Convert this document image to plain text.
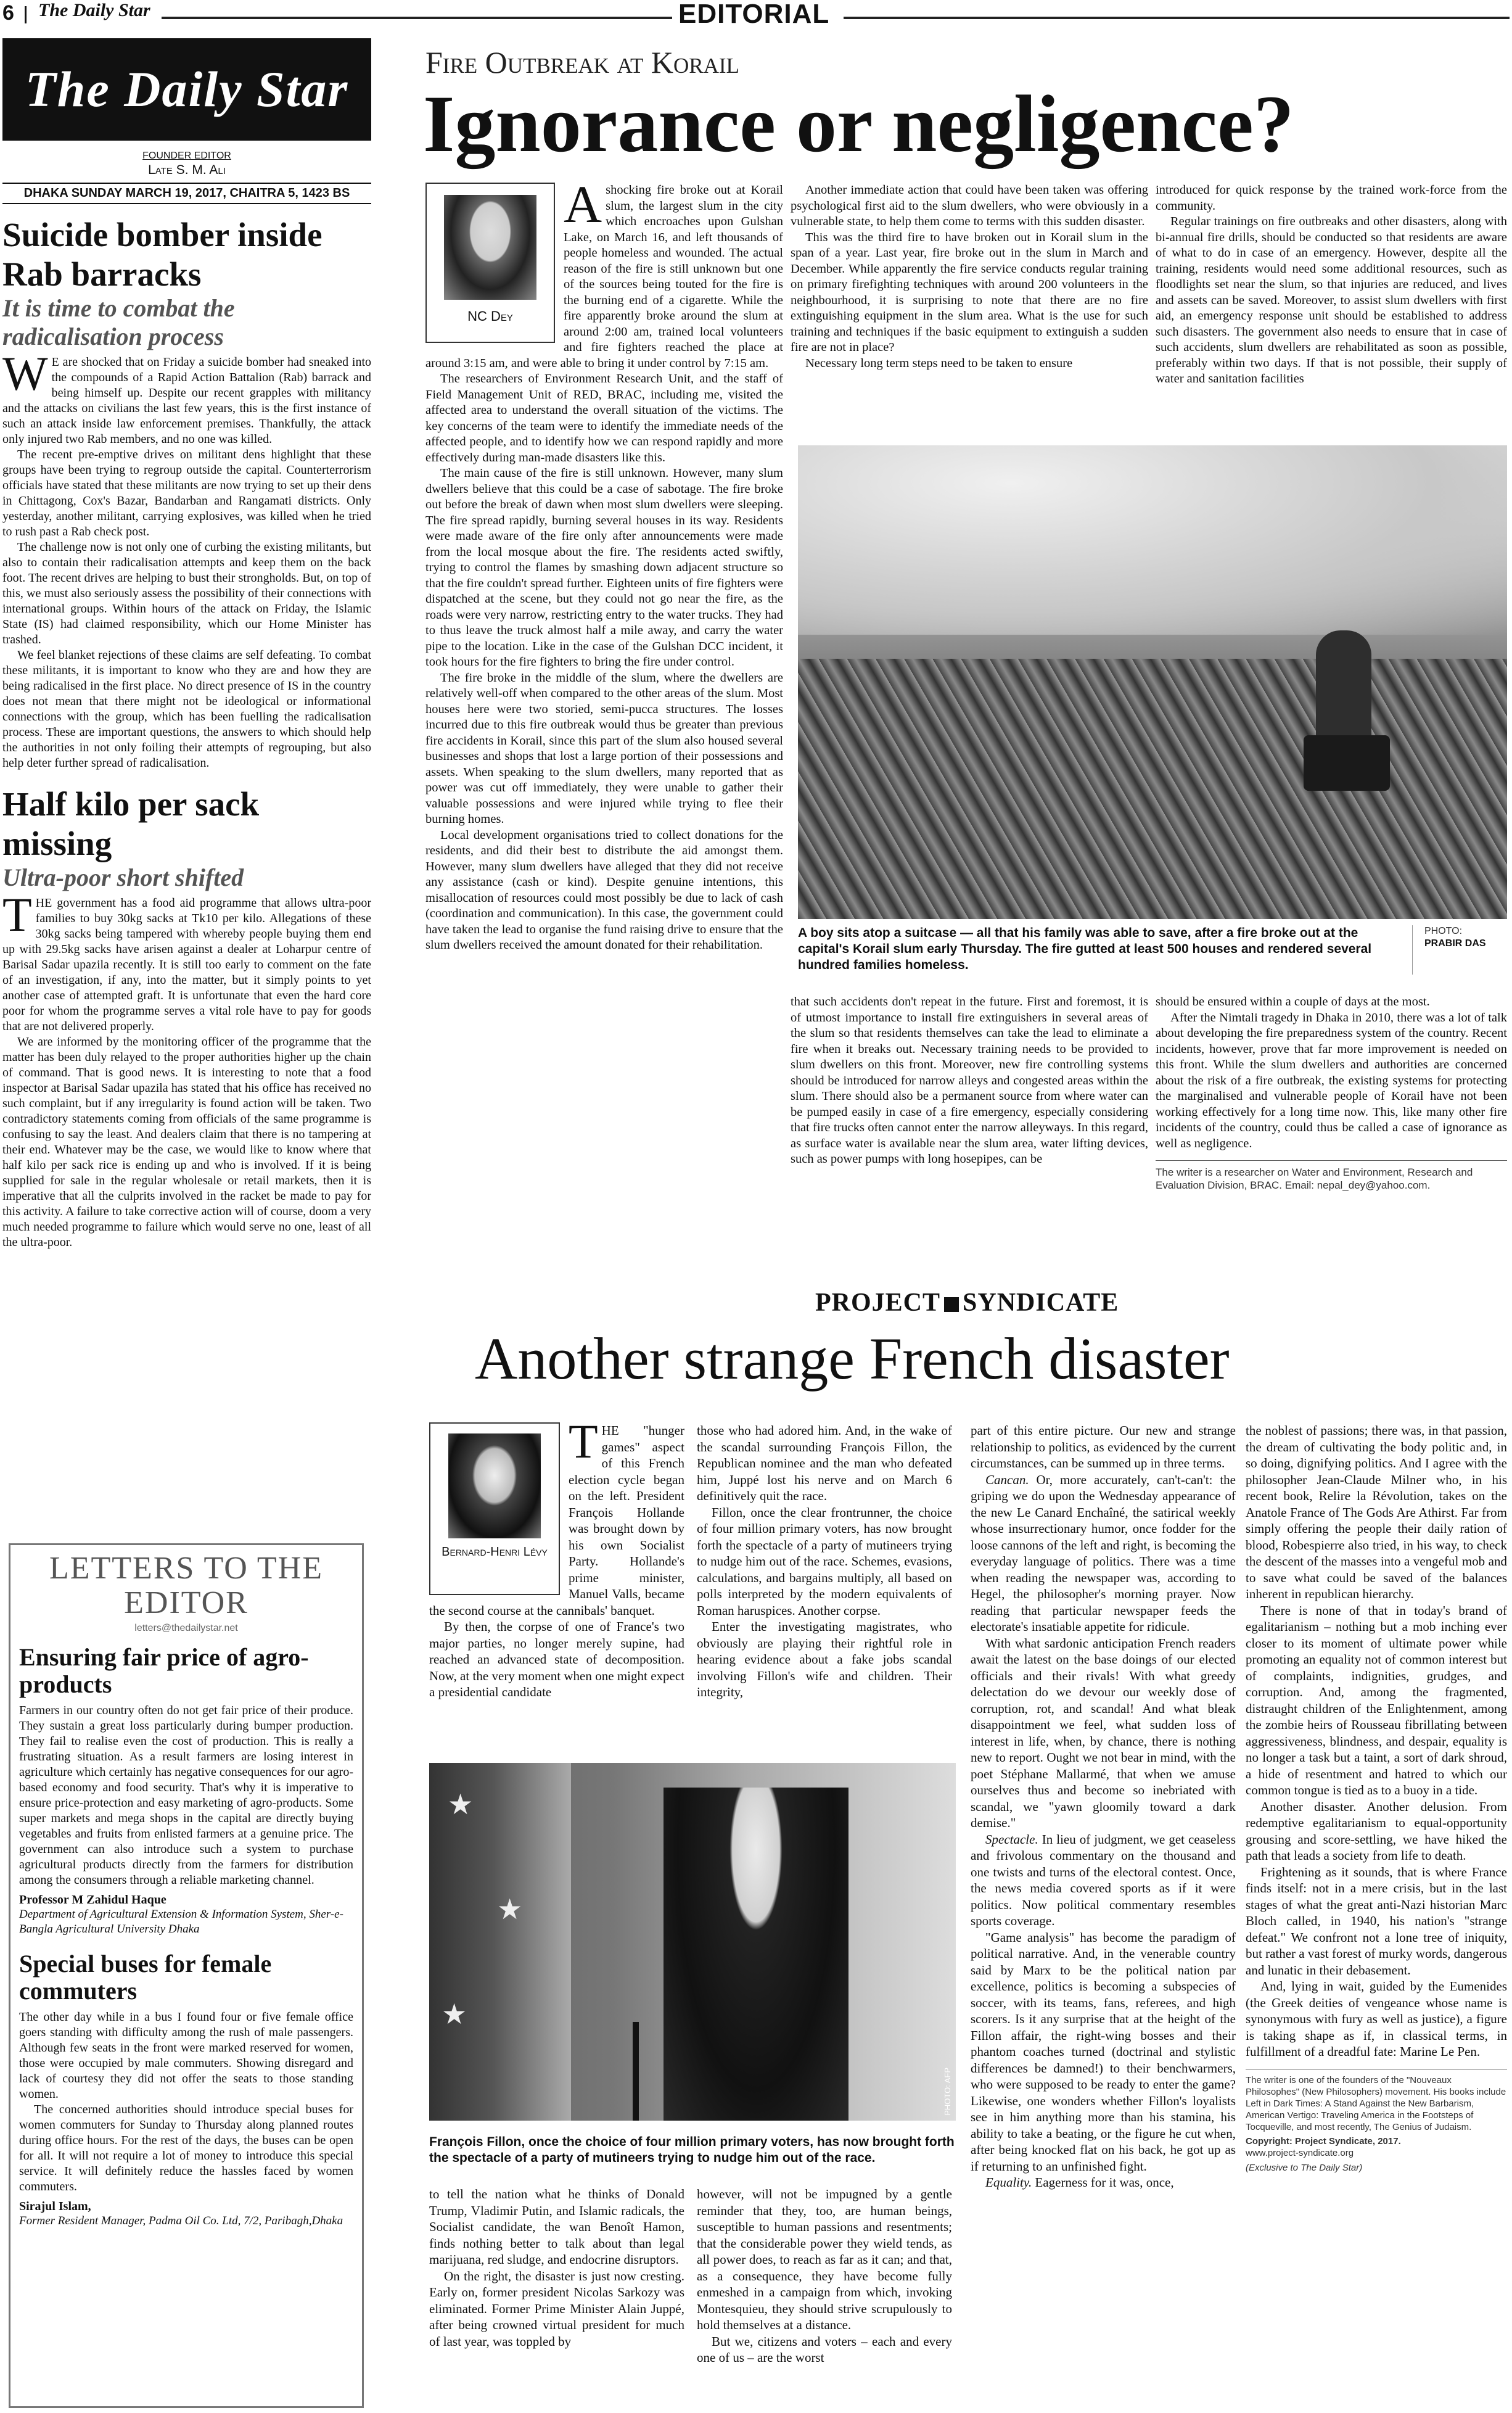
6 The Daily Star	EDITORIAL
The Daily Star
FOUNDER EDITOR
Late S. M. Ali
DHAKA SUNDAY MARCH 19, 2017, CHAITRA 5, 1423 BS
Suicide bomber inside Rab barracks
It is time to combat the radicalisation process

W E are shocked that on Friday a suicide bomber had sneaked into the compounds of a Rapid Action Battalion (Rab) barrack and being himself up. Despite our recent grapples with militancy and the attacks on civilians the last few years, this is the first instance of such an attack inside law enforcement premises. Thankfully, the attack only injured two Rab members, and no one was killed.

The recent pre-emptive drives on militant dens highlight that these groups have been trying to regroup outside the capital. Counterterrorism officials have stated that these militants are now trying to set up their dens in Chittagong, Cox's Bazar, Bandarban and Rangamati districts. Only yesterday, another militant, carrying explosives, was killed when he tried to rush past a Rab check post.

The challenge now is not only one of curbing the existing militants, but also to contain their radicalisation attempts and keep them on the back foot. The recent drives are helping to bust their strongholds. But, on top of this, we must also seriously assess the possibility of their connections with international groups. Within hours of the attack on Friday, the Islamic State (IS) had claimed responsibility, which our Home Minister has trashed.

We feel blanket rejections of these claims are self defeating. To combat these militants, it is important to know who they are and how they are being radicalised in the first place. No direct presence of IS in the country does not mean that there might not be ideological or informational connections with the group, which has been fuelling the radicalisation process. These are important questions, the answers to which should help the authorities in not only foiling their attempts of regrouping, but also help deter further spread of radicalisation.

Half kilo per sack missing
Ultra-poor short shifted

THE government has a food aid programme that allows ultra-poor families to buy 30kg sacks at Tk10 per kilo. Allegations of these 30kg sacks being tampered with whereby people buying them end up with 29.5kg sacks have arisen against a dealer at Loharpur centre of Barisal Sadar upazila recently. It is still too early to comment on the fate of an investigation, if any, into the matter, but it simply points to yet another case of attempted graft. It is unfortunate that even the hard core poor for whom the programme serves a vital role have to pay for goods that are not delivered properly.

We are informed by the monitoring officer of the programme that the matter has been duly relayed to the proper authorities higher up the chain of command. That is good news. It is interesting to note that a food inspector at Barisal Sadar upazila has stated that his office has received no such complaint, but if any irregularity is found action will be taken. Two contradictory statements coming from officials of the same programme is confusing to say the least. And dealers claim that there is no tampering at their end. Whatever may be the case, we would like to know where that half kilo per sack rice is ending up and who is involved. If it is being supplied for sale in the regular wholesale or retail markets, then it is imperative that all the culprits involved in the racket be made to pay for this activity. A failure to take corrective action will of course, doom a very much needed programme to failure which would serve no one, least of all the ultra-poor.

LETTERS TO THE EDITOR
letters@thedailystar.net
Ensuring fair price of agro-products
Farmers in our country often do not get fair price of their produce. They sustain a great loss particularly during bumper production. They fail to realise even the cost of production. This is really a frustrating situation. As a result farmers are losing interest in agriculture which certainly has negative consequences for our agro-based economy and food security. That's why it is imperative to ensure price-protection and easy marketing of agro-products. Some super markets and mega shops in the capital are directly buying vegetables and fruits from enlisted farmers at a genuine price. The government can also introduce such a system to purchase agricultural products directly from the farmers for distribution among the consumers through a reliable marketing channel.
Professor M Zahidul Haque
Department of Agricultural Extension & Information System, Sher-e-Bangla Agricultural University Dhaka
Special buses for female commuters
The other day while in a bus I found four or five female office goers standing with difficulty among the rush of male passengers. Although few seats in the front were marked reserved for women, those were occupied by male commuters. Showing disregard and lack of courtesy they did not offer the seats to those standing women.
The concerned authorities should introduce special buses for women commuters for Sunday to Thursday along planned routes during office hours. For the rest of the days, the buses can be open for all. It will not require a lot of money to introduce this special service. It will definitely reduce the hassles faced by women commuters.
Sirajul Islam,
Former Resident Manager, Padma Oil Co. Ltd, 7/2, Paribagh,Dhaka
Fire Outbreak at Korail
Ignorance or negligence?
NC Dey

Ashocking fire broke out at Korail slum, the largest slum in the city which encroaches upon Gulshan Lake, on March 16, and left thousands of people homeless and wounded. The actual reason of the fire is still unknown but one of the sources being touted for the fire is the burning end of a cigarette. While the fire apparently broke around the slum at around 2:00 am, trained local volunteers and fire fighters reached the place at around 3:15 am, and were able to bring it under control by 7:15 am.

The researchers of Environment Research Unit, and the staff of Field Management Unit of RED, BRAC, including me, visited the affected area to understand the overall situation of the victims. The key concerns of the team were to identify the immediate needs of the affected people, and to identify how we can respond rapidly and more effectively during man-made disasters like this.

The main cause of the fire is still unknown. However, many slum dwellers believe that this could be a case of sabotage. The fire broke out before the break of dawn when most slum dwellers were sleeping. The fire spread rapidly, burning several houses in its way. Residents were made aware of the fire only after announcements were made from the local mosque about the fire. The residents acted swiftly, trying to control the flames by smashing down adjacent structure so that the fire couldn't spread further. Eighteen units of fire fighters were dispatched at the scene, but they could not go near the fire, as the roads were very narrow, restricting entry to the water trucks. They had to thus leave the truck almost half a mile away, and carry the water pipe to the location. Like in the case of the Gulshan DCC incident, it took hours for the fire fighters to bring the fire under control.

The fire broke in the middle of the slum, where the dwellers are relatively well-off when compared to the other areas of the slum. Most houses here were two storied, semi-pucca structures. The losses incurred due to this fire outbreak would thus be greater than previous fire accidents in Korail, since this part of the slum also housed several businesses and shops that lost a large portion of their possessions and assets. When speaking to the slum dwellers, many reported that as power was cut off immediately, they were unable to gather their valuable possessions and were injured while trying to flee their burning homes.

Local development organisations tried to collect donations for the residents, and did their best to distribute the aid amongst them. However, many slum dwellers have alleged that they did not receive any assistance (cash or kind). Despite genuine intentions, this misallocation of resources could most possibly be due to lack of cash (coordination and communication). In this case, the government could have taken the lead to organise the fund raising drive to ensure that the slum dwellers received the amount donated for their rehabilitation.

Another immediate action that could have been taken was offering psychological first aid to the slum dwellers, who were obviously in a vulnerable state, to help them come to terms with this sudden disaster.

This was the third fire to have broken out in Korail slum in the span of a year. Last year, fire broke out in the slum in March and December. While apparently the fire service conducts regular training on primary firefighting techniques with around 200 volunteers in the neighbourhood, it is surprising to note that there are no fire extinguishing equipment in the slum area. What is the use for such training and techniques if the basic equipment to extinguish a sudden fire are not in place?

Necessary long term steps need to be taken to ensure

introduced for quick response by the trained work-force from the community.

Regular trainings on fire outbreaks and other disasters, along with bi-annual fire drills, should be conducted so that residents are aware of what to do in case of an emergency. However, despite all the training, residents would need some additional resources, such as floodlights set near the slum, so that injuries are reduced, and lives and assets can be saved. Moreover, to assist slum dwellers with first aid, an emergency response unit should be established to address such disasters. The government also needs to ensure that in case of such accidents, slum dwellers are rehabilitated as soon as possible, preferably within two days. If that is not possible, their supply of water and sanitation facilities

A boy sits atop a suitcase — all that his family was able to save, after a fire broke out at the capital's Korail slum early Thursday. The fire gutted at least 500 houses and rendered several hundred families homeless.
PHOTO:
PRABIR DAS

that such accidents don't repeat in the future. First and foremost, it is of utmost importance to install fire extinguishers in several areas of the slum so that residents themselves can take the lead to eliminate a fire when it breaks out. Necessary training needs to be provided to slum dwellers on this front. Moreover, new fire controlling systems should be introduced for narrow alleys and congested areas within the slum. There should also be a permanent source from where water can be pumped easily in case of a fire emergency, especially considering that fire trucks often cannot enter the narrow alleyways. In this regard, as surface water is available near the slum area, water lifting devices, such as power pumps with long hosepipes, can be

should be ensured within a couple of days at the most.

After the Nimtali tragedy in Dhaka in 2010, there was a lot of talk about developing the fire preparedness system of the country. Recent incidents, however, prove that far more improvement is needed on this front. While the slum dwellers and authorities are concerned about the risk of a fire outbreak, the existing systems for protecting the marginalised and vulnerable people of Korail have not been working effectively for a long time now. This, like many other fire incidents of the country, could thus be called a case of ignorance as well as negligence.

The writer is a researcher on Water and Environment, Research and Evaluation Division, BRAC. Email: nepal_dey@yahoo.com.
PROJECT SYNDICATE
Another strange French disaster
Bernard-Henri Lévy

THE "hunger games" aspect of this French election cycle began on the left. President François Hollande was brought down by his own Socialist Party. Hollande's prime minister, Manuel Valls, became the second course at the cannibals' banquet.

By then, the corpse of one of France's two major parties, no longer merely supine, had reached an advanced state of decomposition. Now, at the very moment when one might expect a presidential candidate

those who had adored him. And, in the wake of the scandal surrounding François Fillon, the Republican nominee and the man who defeated him, Juppé lost his nerve and on March 6 definitively quit the race.

Fillon, once the clear frontrunner, the choice of four million primary voters, has now brought forth the spectacle of a party of mutineers trying to nudge him out of the race. Schemes, evasions, calculations, and bargains multiply, all based on polls interpreted by the modern equivalents of Roman haruspices. Another corpse.

Enter the investigating magistrates, who obviously are playing their rightful role in hearing evidence about a fake jobs scandal involving Fillon's wife and children. Their integrity,

★
★
★
PHOTO: AFP
François Fillon, once the choice of four million primary voters, has now brought forth the spectacle of a party of mutineers trying to nudge him out of the race.

to tell the nation what he thinks of Donald Trump, Vladimir Putin, and Islamic radicals, the Socialist candidate, the wan Benoît Hamon, finds nothing better to talk about than legal marijuana, red sludge, and endocrine disruptors.

On the right, the disaster is just now cresting. Early on, former president Nicolas Sarkozy was eliminated. Former Prime Minister Alain Juppé, after being crowned virtual president for much of last year, was toppled by

however, will not be impugned by a gentle reminder that they, too, are human beings, susceptible to human passions and resentments; that the considerable power they wield tends, as all power does, to reach as far as it can; and that, as a consequence, they have become fully enmeshed in a campaign from which, invoking Montesquieu, they should strive scrupulously to hold themselves at a distance.

But we, citizens and voters – each and every one of us – are the worst

part of this entire picture. Our new and strange relationship to politics, as evidenced by the current circumstances, can be summed up in three terms.

Cancan. Or, more accurately, can't-can't: the griping we do upon the Wednesday appearance of the new Le Canard Enchaîné, the satirical weekly whose insurrectionary humor, once fodder for the loose cannons of the left and right, is becoming the everyday language of politics. There was a time when reading the newspaper was, according to Hegel, the philosopher's morning prayer. Now reading that particular newspaper feeds the electorate's insatiable appetite for ridicule.

With what sardonic anticipation French readers await the latest on the base doings of our elected officials and their rivals! With what greedy delectation do we devour our weekly dose of corruption, rot, and scandal! And what bleak disappointment we feel, what sudden loss of interest in life, when, by chance, there is nothing new to report. Ought we not bear in mind, with the poet Stéphane Mallarmé, that when we amuse ourselves thus and become so inebriated with scandal, we "yawn gloomily toward a dark demise."

Spectacle. In lieu of judgment, we get ceaseless and frivolous commentary on the thousand and one twists and turns of the electoral contest. Once, the news media covered sports as if it were politics. Now political commentary resembles sports coverage.

"Game analysis" has become the paradigm of political narrative. And, in the venerable country said by Marx to be the political nation par excellence, politics is becoming a subspecies of soccer, with its teams, fans, referees, and high scorers. Is it any surprise that at the height of the Fillon affair, the right-wing bosses and their phantom coaches turned (doctrinal and stylistic differences be damned!) to their benchwarmers, who were supposed to be ready to enter the game? Likewise, one wonders whether Fillon's loyalists see in him anything more than his stamina, his ability to take a beating, or the figure he cut when, after being knocked flat on his back, he got up as if returning to an unfinished fight.

Equality. Eagerness for it was, once,

the noblest of passions; there was, in that passion, the dream of cultivating the body politic and, in so doing, dignifying politics. And I agree with the philosopher Jean-Claude Milner who, in his recent book, Relire la Révolution, takes on the Anatole France of The Gods Are Athirst. Far from simply offering the people their daily ration of blood, Robespierre also tried, in his way, to check the descent of the masses into a vengeful mob and to save what could be saved of the balances inherent in republican hierarchy.

There is none of that in today's brand of egalitarianism – nothing but a mob inching ever closer to its moment of ultimate power while promoting an equality not of common interest but of complaints, indignities, grudges, and corruption. And, among the fragmented, distraught children of the Enlightenment, among the zombie heirs of Rousseau fibrillating between aggressiveness, blindness, and despair, equality is no longer a task but a taint, a sort of dark shroud, a hide of resentment and hatred to which our common tongue is tied as to a buoy in a tide.

Another disaster. Another delusion. From redemptive egalitarianism to equal-opportunity grousing and score-settling, we have hiked the path that leads a society from life to death.

Frightening as it sounds, that is where France finds itself: not in a mere crisis, but in the last stages of what the great anti-Nazi historian Marc Bloch called, in 1940, his nation's "strange defeat." We confront not a lone tree of iniquity, but rather a vast forest of murky words, dangerous and lunatic in their debasement.

And, lying in wait, guided by the Eumenides (the Greek deities of vengeance whose name is synonymous with fury as well as justice), a figure is taking shape as if, in classical terms, in fulfillment of a dreadful fate: Marine Le Pen.

The writer is one of the founders of the "Nouveaux Philosophes" (New Philosophers) movement. His books include Left in Dark Times: A Stand Against the New Barbarism, American Vertigo: Traveling America in the Footsteps of Tocqueville, and most recently, The Genius of Judaism.
Copyright: Project Syndicate, 2017.
www.project-syndicate.org
(Exclusive to The Daily Star)
